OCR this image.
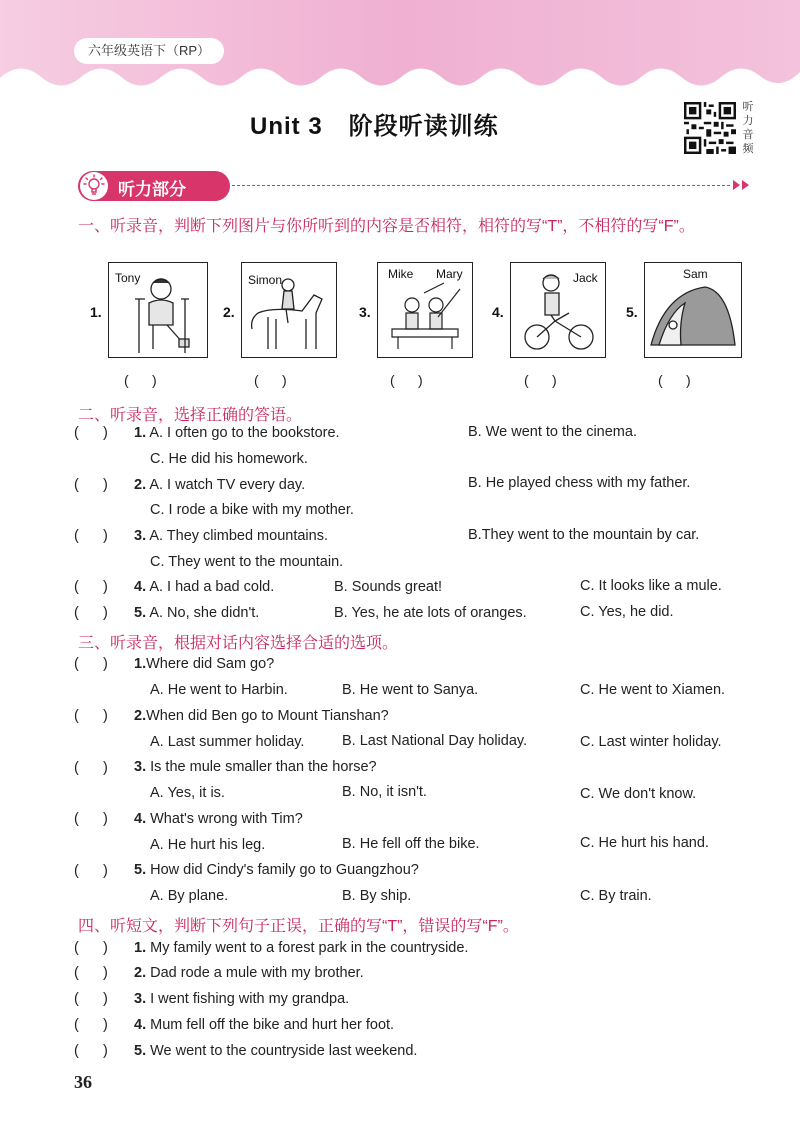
六年级英语下（RP）
Unit 3 阶段听读训练
听
力
音
频
听力部分
一、听录音，判断下列图片与你所听到的内容是否相符，相符的写“T”，不相符的写“F”。
1.
Tony
2.
Simon
3.
Mike Mary
4.
Jack
5.
Sam
(      )	(      )	(      )	(      )	(      )
二、听录音，选择正确的答语。
(      ) 1. A. I often go to the bookstore.	B. We went to the cinema.
C. He did his homework.
(      ) 2. A. I watch TV every day.	B. He played chess with my father.
C. I rode a bike with my mother.
(      ) 3. A. They climbed mountains.	B.They went to the mountain by car.
C. They went to the mountain.
(      ) 4. A. I had a bad cold.	B. Sounds great!	C. It looks like a mule.
(      ) 5. A. No, she didn't.	B. Yes, he ate lots of oranges.	C. Yes, he did.
三、听录音，根据对话内容选择合适的选项。
(      ) 1.Where did Sam go?
A. He went to Harbin.	B. He went to Sanya.	C. He went to Xiamen.
(      ) 2.When did Ben go to Mount Tianshan?
A. Last summer holiday.	B. Last National Day holiday.	C. Last winter holiday.
(      ) 3. Is the mule smaller than the horse?
A. Yes, it is.	B. No, it isn't.	C. We don't know.
(      ) 4. What's wrong with Tim?
A. He hurt his leg.	B. He fell off the bike.	C. He hurt his hand.
(      ) 5. How did Cindy's family go to Guangzhou?
A. By plane.	B. By ship.	C. By train.
四、听短文，判断下列句子正误，正确的写“T”，错误的写“F”。
(      ) 1. My family went to a forest park in the countryside.
(      ) 2. Dad rode a mule with my brother.
(      ) 3. I went fishing with my grandpa.
(      ) 4. Mum fell off the bike and hurt her foot.
(      ) 5. We went to the countryside last weekend.
36
